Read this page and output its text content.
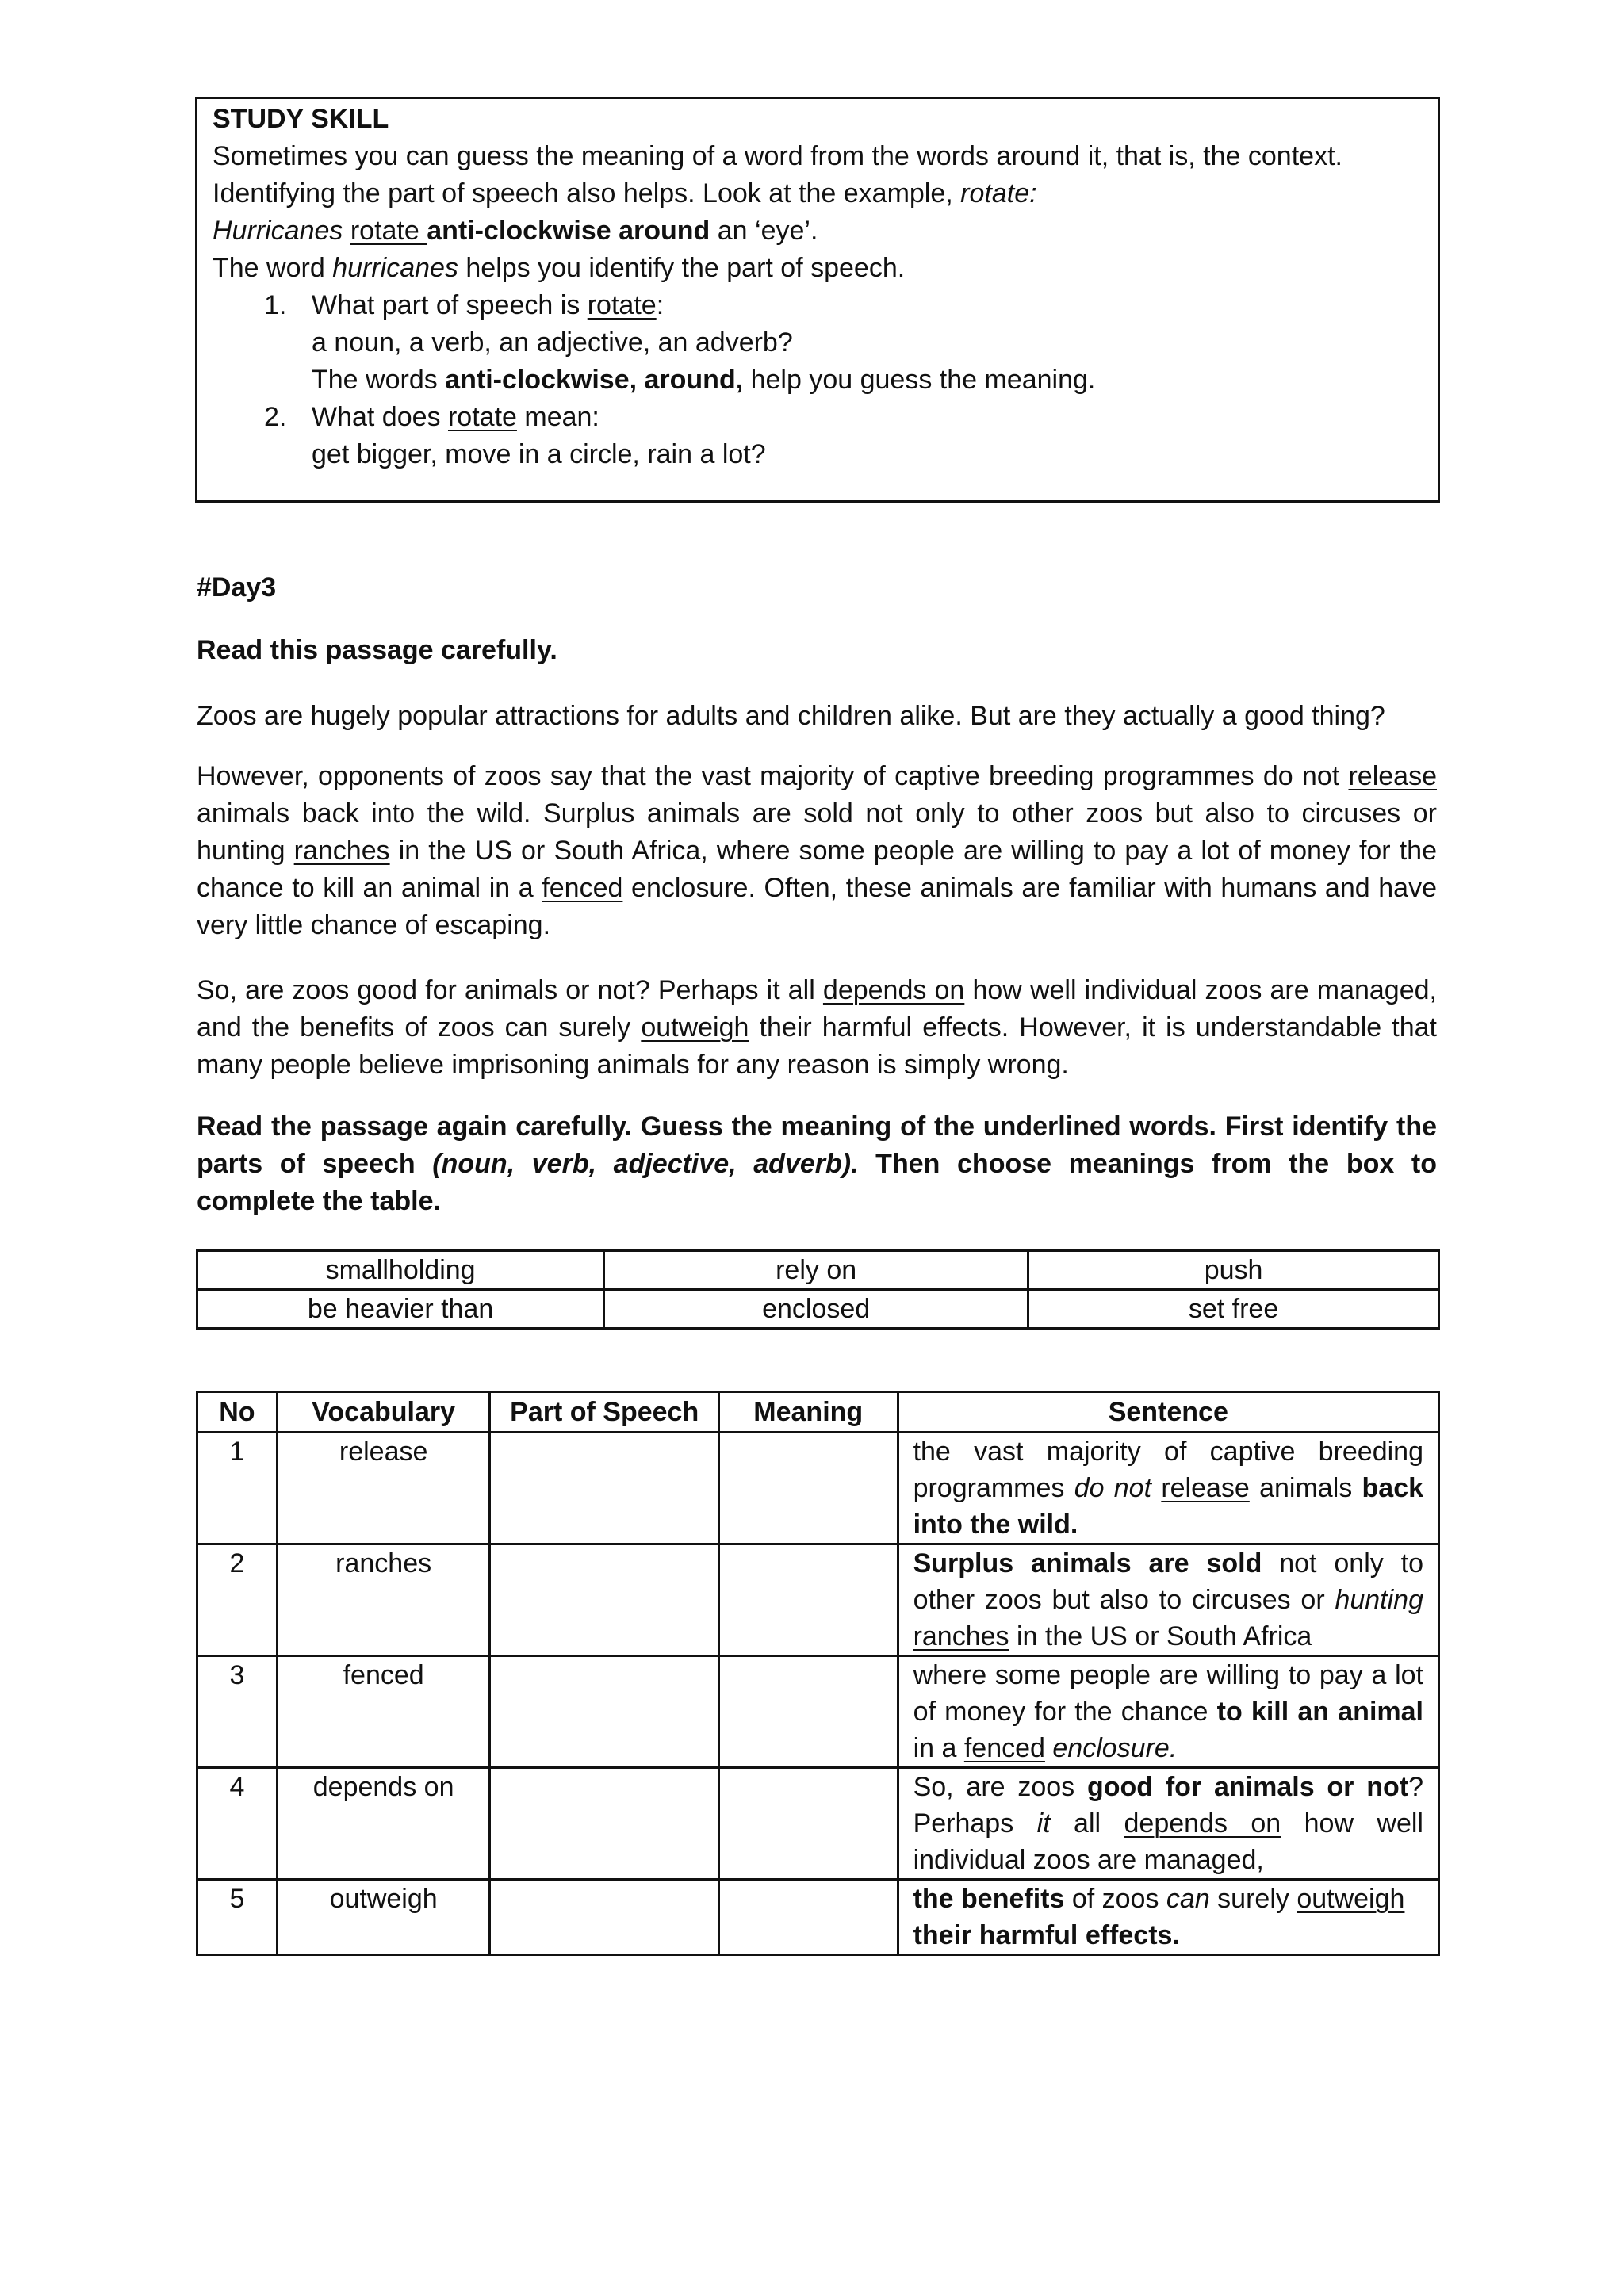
STUDY SKILL
Sometimes you can guess the meaning of a word from the words around it, that is, the context.
Identifying the part of speech also helps. Look at the example, rotate:
Hurricanes rotate anti-clockwise around an ‘eye’.
The word hurricanes helps you identify the part of speech.
1. What part of speech is rotate:
a noun, a verb, an adjective, an adverb?
The words anti-clockwise, around, help you guess the meaning.
2. What does rotate mean:
get bigger, move in a circle, rain a lot?
#Day3
Read this passage carefully.
Zoos are hugely popular attractions for adults and children alike. But are they actually a good thing?
However, opponents of zoos say that the vast majority of captive breeding programmes do not release animals back into the wild. Surplus animals are sold not only to other zoos but also to circuses or hunting ranches in the US or South Africa, where some people are willing to pay a lot of money for the chance to kill an animal in a fenced enclosure. Often, these animals are familiar with humans and have very little chance of escaping.
So, are zoos good for animals or not? Perhaps it all depends on how well individual zoos are managed, and the benefits of zoos can surely outweigh their harmful effects. However, it is understandable that many people believe imprisoning animals for any reason is simply wrong.
Read the passage again carefully. Guess the meaning of the underlined words. First identify the parts of speech (noun, verb, adjective, adverb). Then choose meanings from the box to complete the table.
smallholding	rely on	push
be heavier than	enclosed	set free
No	Vocabulary	Part of Speech	Meaning	Sentence
1	release			the vast majority of captive breeding programmes do not release animals back into the wild.
2	ranches			Surplus animals are sold not only to other zoos but also to circuses or hunting ranches in the US or South Africa
3	fenced			where some people are willing to pay a lot of money for the chance to kill an animal in a fenced enclosure.
4	depends on			So, are zoos good for animals or not? Perhaps it all depends on how well individual zoos are managed,
5	outweigh			the benefits of zoos can surely outweigh their harmful effects.
